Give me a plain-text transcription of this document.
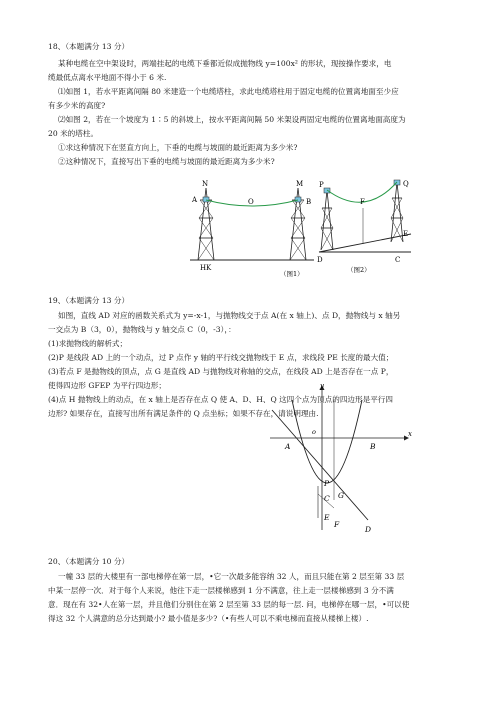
18、（本题满分 13 分）
某种电缆在空中架设时，两端挂起的电缆下垂都近似成抛物线 y=100x² 的形状，现按操作要求，电
缆最低点离水平地面不得小于 6 米.
⑴如图 1，若水平距离间隔 80 米建造一个电缆塔柱，求此电缆塔柱用于固定电缆的位置离地面至少应
有多少米的高度?
⑵如图 2，若在一个坡度为 1∶5 的斜坡上，按水平距离间隔 50 米架设两固定电缆的位置离地面高度为
20 米的塔柱。
①求这种情况下在竖直方向上，下垂的电缆与坡面的最近距离为多少米?
②这种情况下，直接写出下垂的电缆与坡面的最近距离为多少米?
N	M
A	O	B
H K
（图1）
P
F
Q
E
D	C
（图2）
19、（本题满分 13 分）
如图，直线 AD 对应的函数关系式为 y=-x-1，与抛物线交于点 A(在 x 轴上)、点 D，抛物线与 x 轴另
一交点为 B（3，0），抛物线与 y 轴交点 C（0，-3），：
(1)求抛物线的解析式；
(2)P 是线段 AD 上的一个动点，过 P 点作 y 轴的平行线交抛物线于 E 点，求线段 PE 长度的最大值；
(3)若点 F 是抛物线的顶点，点 G 是直线 AD 与抛物线对称轴的交点，在线段 AD 上是否存在一点 P，
使得四边形 GFEP 为平行四边形；
(4)点 H 抛物线上的动点，在 x 轴上是否存在点 Q 使 A、D、H、Q 这四个点为顶点的四边形是平行四
边形? 如果存在，直接写出所有满足条件的 Q 点坐标；如果不存在，请说明理由.
y
x
o
A	B
P
G
C
E
F
D
20、（本题满分 10 分）
一幢 33 层的大楼里有一部电梯停在第一层，•它一次最多能容纳 32 人，而且只能在第 2 层至第 33 层
中某一层停一次．对于每个人来说，他往下走一层楼梯感到 1 分不满意，往上走一层楼梯感到 3 分不满
意．现在有 32•人在第一层，并且他们分别住在第 2 层至第 33 层的每一层. 问，电梯停在哪一层，•可以使
得这 32 个人满意的总分达到最小? 最小值是多少?（•有些人可以不乘电梯而直接从楼梯上楼）.
